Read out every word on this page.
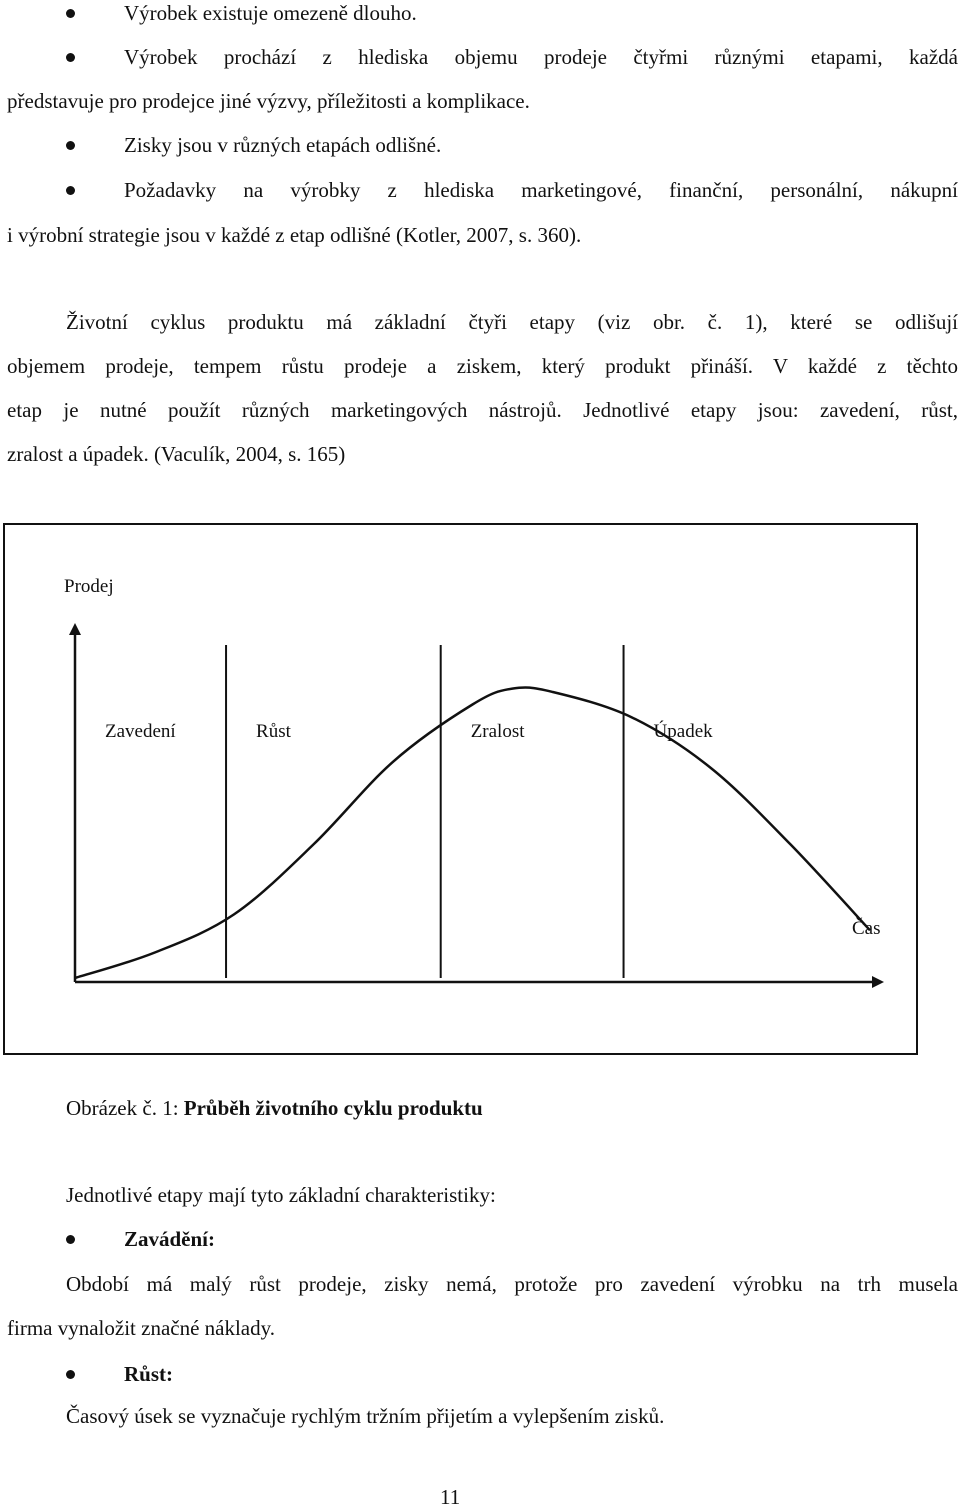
Výrobek existuje omezeně dlouho.
Výrobek prochází z hlediska objemu prodeje čtyřmi různými etapami, každá
představuje pro prodejce jiné výzvy, příležitosti a komplikace.
Zisky jsou v různých etapách odlišné.
Požadavky na výrobky z hlediska marketingové, finanční, personální, nákupní
i výrobní strategie jsou v každé z etap odlišné (Kotler, 2007, s. 360).
Životní cyklus produktu má základní čtyři etapy (viz obr. č. 1), které se odlišují
objemem prodeje, tempem růstu prodeje a ziskem, který produkt přináší. V každé z těchto
etap je nutné použít různých marketingových nástrojů. Jednotlivé etapy jsou: zavedení, růst,
zralost a úpadek. (Vaculík, 2004, s. 165)
Prodej
Čas
Zavedení	Růst	Zralost	Úpadek
Obrázek č. 1: Průběh životního cyklu produktu
Jednotlivé etapy mají tyto základní charakteristiky:
Zavádění:
Období má malý růst prodeje, zisky nemá, protože pro zavedení výrobku na trh musela
firma vynaložit značné náklady.
Růst:
Časový úsek se vyznačuje rychlým tržním přijetím a vylepšením zisků.
11
